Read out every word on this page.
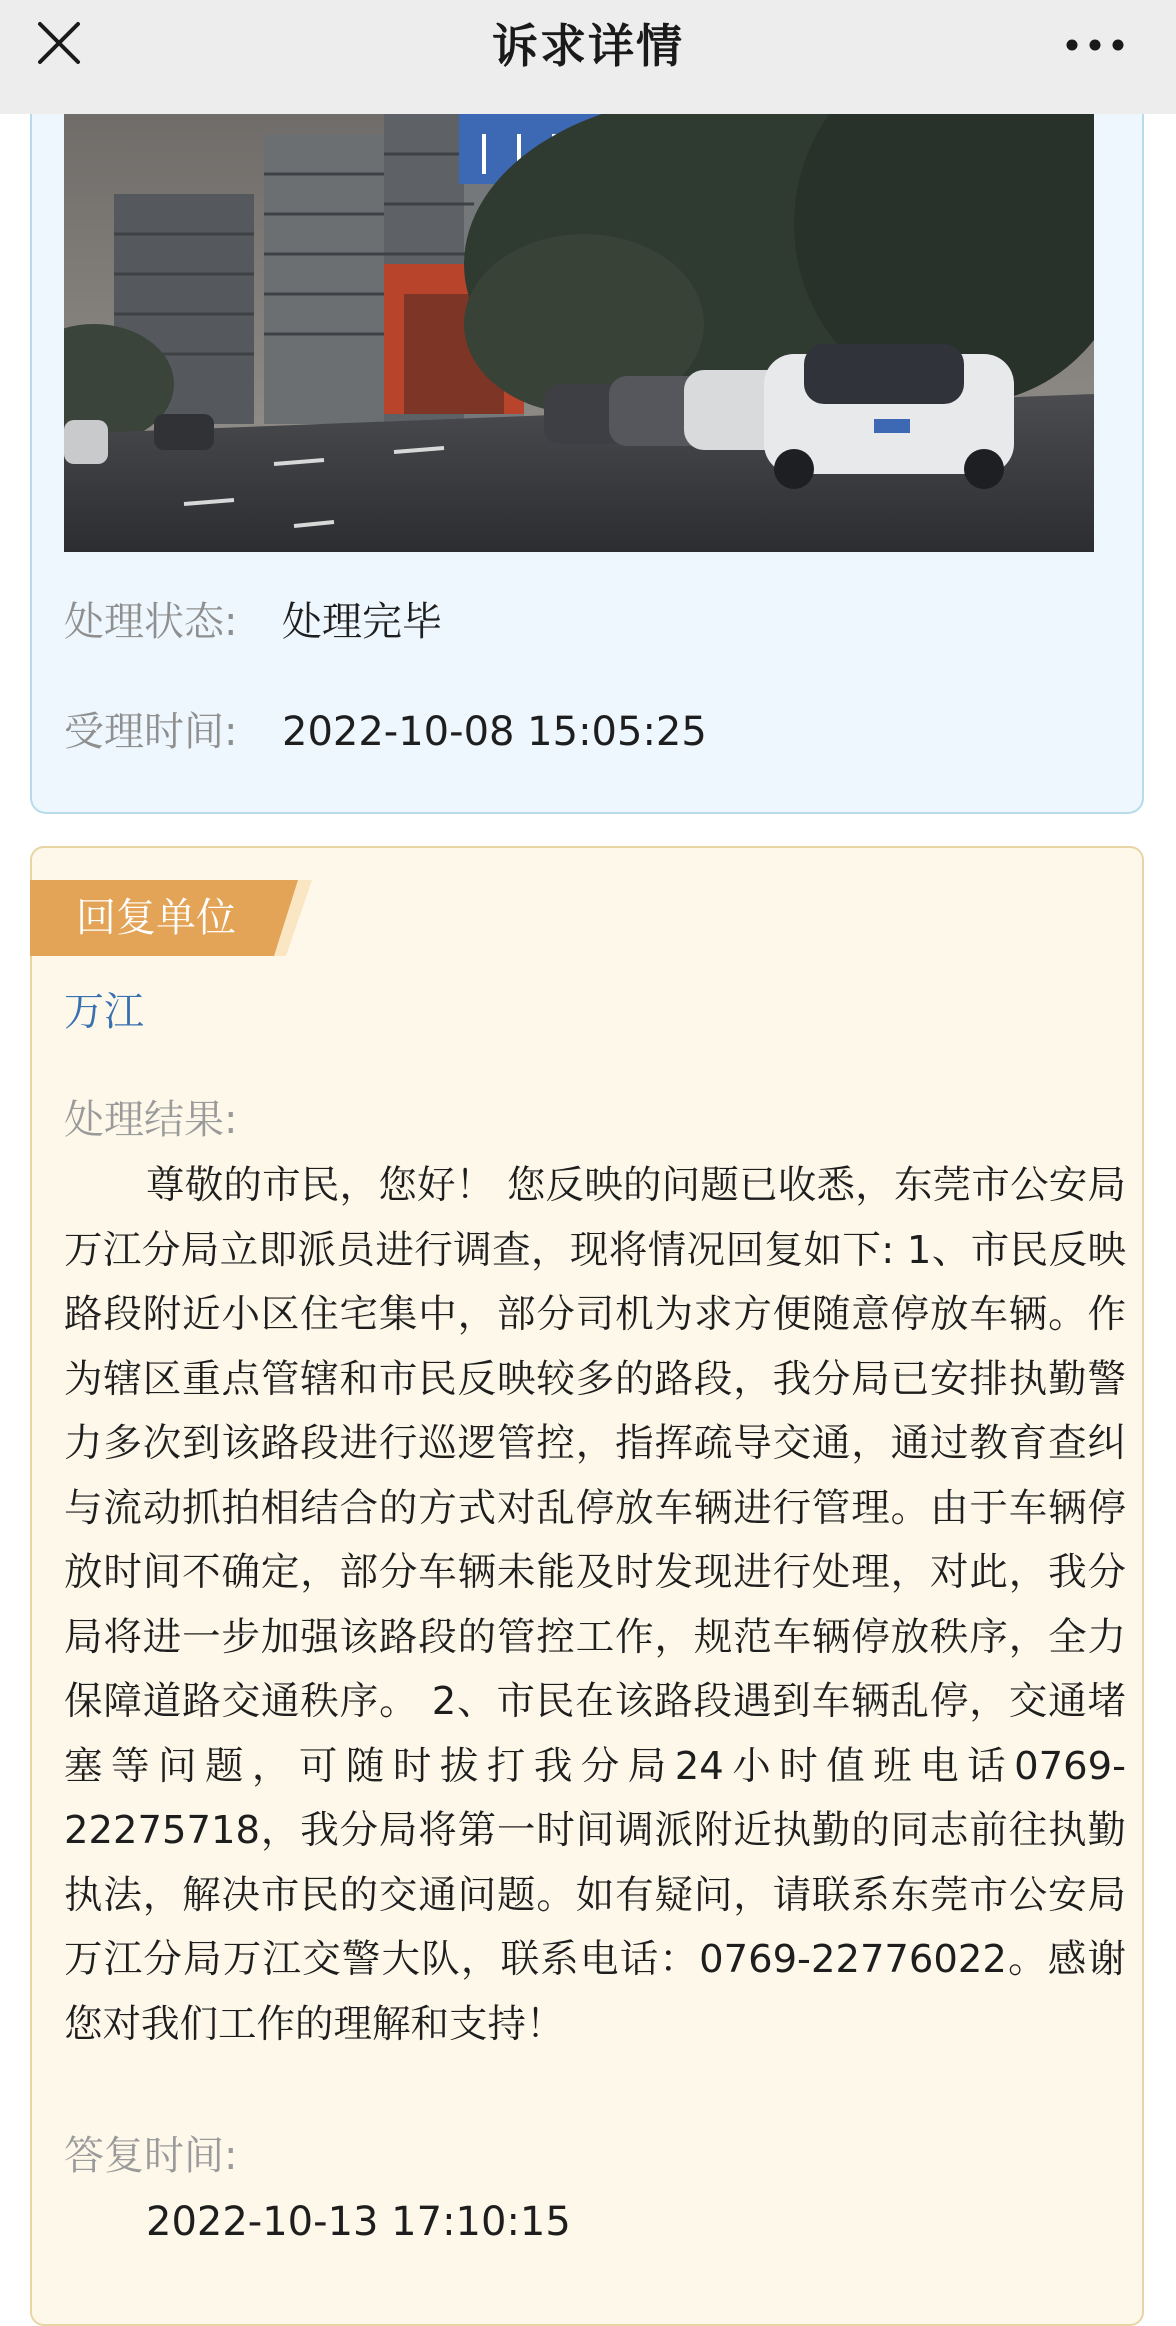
诉求详情
处理状态: 处理完毕
受理时间: 2022-10-08 15:05:25
回复单位
万江
处理结果:

尊敬的市民，您好！ 您反映的问题已收悉，东莞市公安局万江分局立即派员进行调查，现将情况回复如下: 1、市民反映路段附近小区住宅集中，部分司机为求方便随意停放车辆。作为辖区重点管辖和市民反映较多的路段，我分局已安排执勤警力多次到该路段进行巡逻管控，指挥疏导交通，通过教育查纠与流动抓拍相结合的方式对乱停放车辆进行管理。由于车辆停放时间不确定，部分车辆未能及时发现进行处理，对此，我分局将进一步加强该路段的管控工作，规范车辆停放秩序，全力保障道路交通秩序。 2、市民在该路段遇到车辆乱停，交通堵塞等问题，可随时拔打我分局24小时值班电话0769-22275718，我分局将第一时间调派附近执勤的同志前往执勤执法，解决市民的交通问题。如有疑问，请联系东莞市公安局万江分局万江交警大队，联系电话：0769-22776022。感谢您对我们工作的理解和支持！

答复时间:
2022-10-13 17:10:15
